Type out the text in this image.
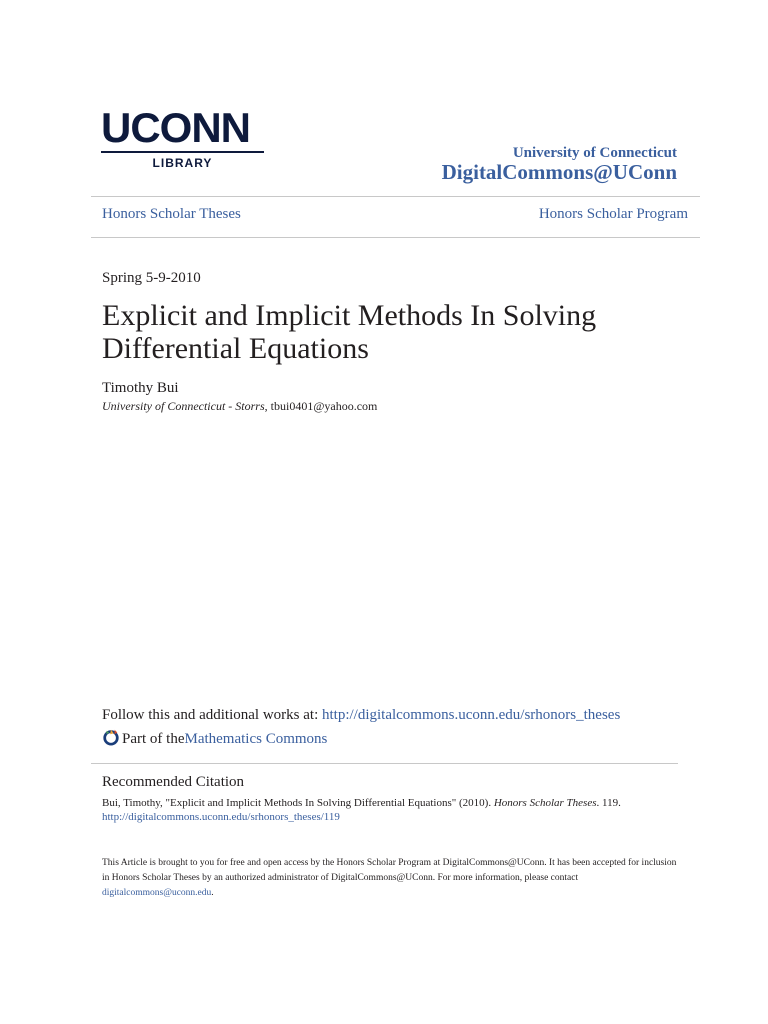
UCONN
LIBRARY
University of Connecticut
DigitalCommons@UConn
Honors Scholar Theses	Honors Scholar Program
Spring 5-9-2010
Explicit and Implicit Methods In Solving
Differential Equations
Timothy Bui
University of Connecticut - Storrs, tbui0401@yahoo.com
Follow this and additional works at: http://digitalcommons.uconn.edu/srhonors_theses
Part of the Mathematics Commons
Recommended Citation
Bui, Timothy, "Explicit and Implicit Methods In Solving Differential Equations" (2010). Honors Scholar Theses. 119.
http://digitalcommons.uconn.edu/srhonors_theses/119
This Article is brought to you for free and open access by the Honors Scholar Program at DigitalCommons@UConn. It has been accepted for inclusion
in Honors Scholar Theses by an authorized administrator of DigitalCommons@UConn. For more information, please contact
digitalcommons@uconn.edu.
